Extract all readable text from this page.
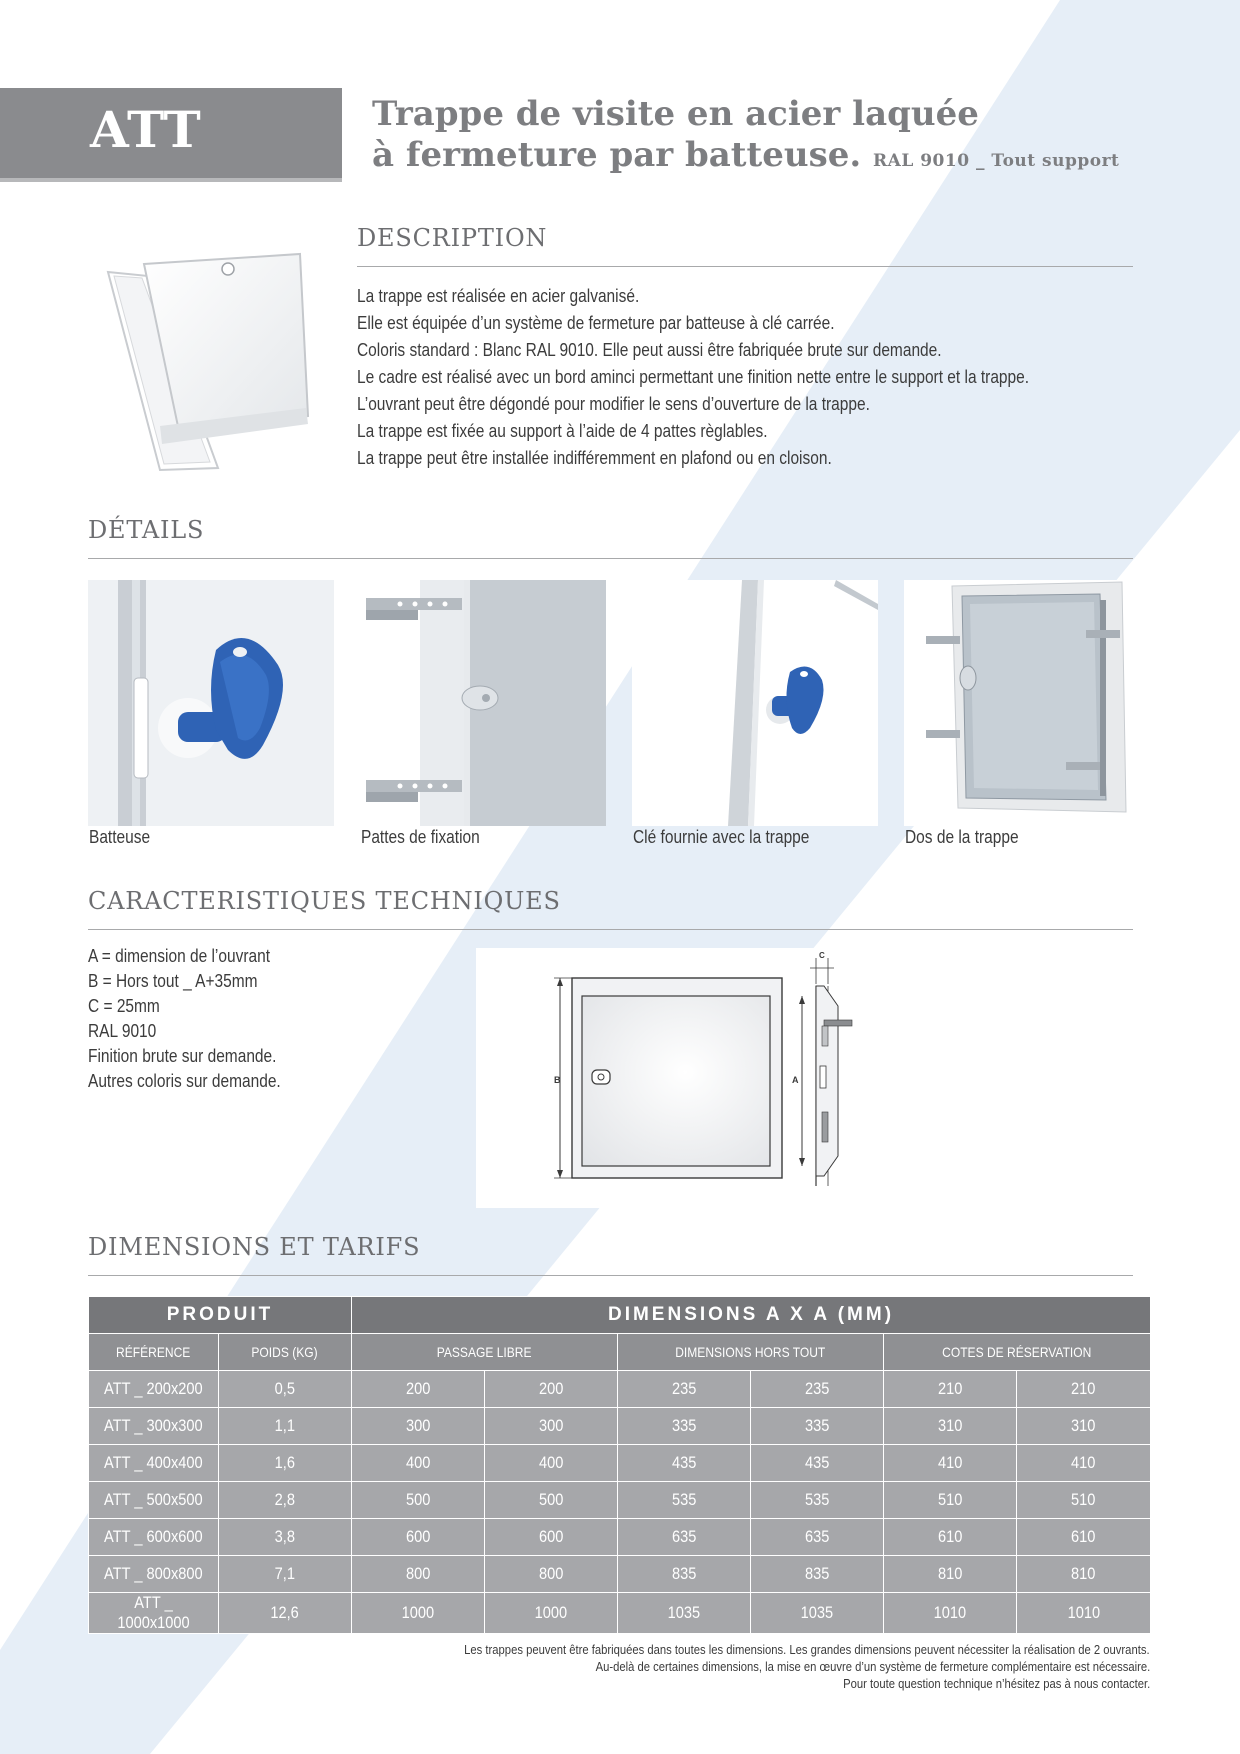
ATT	Trappe de visite en acier laquée
à fermeture par batteuse. RAL 9010 _ Tout support
DESCRIPTION
La trappe est réalisée en acier galvanisé.
Elle est équipée d’un système de fermeture par batteuse à clé carrée.
Coloris standard : Blanc RAL 9010. Elle peut aussi être fabriquée brute sur demande.
Le cadre est réalisé avec un bord aminci permettant une finition nette entre le support et la trappe.
L’ouvrant peut être dégondé pour modifier le sens d’ouverture de la trappe.
La trappe est fixée au support à l’aide de 4 pattes règlables.
La trappe peut être installée indifféremment en plafond ou en cloison.
DÉTAILS
Batteuse	Pattes de fixation	Clé fournie avec la trappe	Dos de la trappe
CARACTERISTIQUES TECHNIQUES
A = dimension de l’ouvrant
B = Hors tout _ A+35mm
C = 25mm
RAL 9010
Finition brute sur demande.
Autres coloris sur demande.	B	A
C
DIMENSIONS ET TARIFS
PRODUIT		DIMENSIONS A X A (MM)					
RÉFÉRENCE	POIDS (KG)	PASSAGE LIBRE		DIMENSIONS HORS TOUT		COTES DE RÉSERVATION	
ATT _ 200x200	0,5	200	200	235	235	210	210
ATT _ 300x300	1,1	300	300	335	335	310	310
ATT _ 400x400	1,6	400	400	435	435	410	410
ATT _ 500x500	2,8	500	500	535	535	510	510
ATT _ 600x600	3,8	600	600	635	635	610	610
ATT _ 800x800	7,1	800	800	835	835	810	810
ATT _ 1000x1000	12,6	1000	1000	1035	1035	1010	1010
Les trappes peuvent être fabriquées dans toutes les dimensions. Les grandes dimensions peuvent nécessiter la réalisation de 2 ouvrants.
Au-delà de certaines dimensions, la mise en œuvre d’un système de fermeture complémentaire est nécessaire.
Pour toute question technique n’hésitez pas à nous contacter.
